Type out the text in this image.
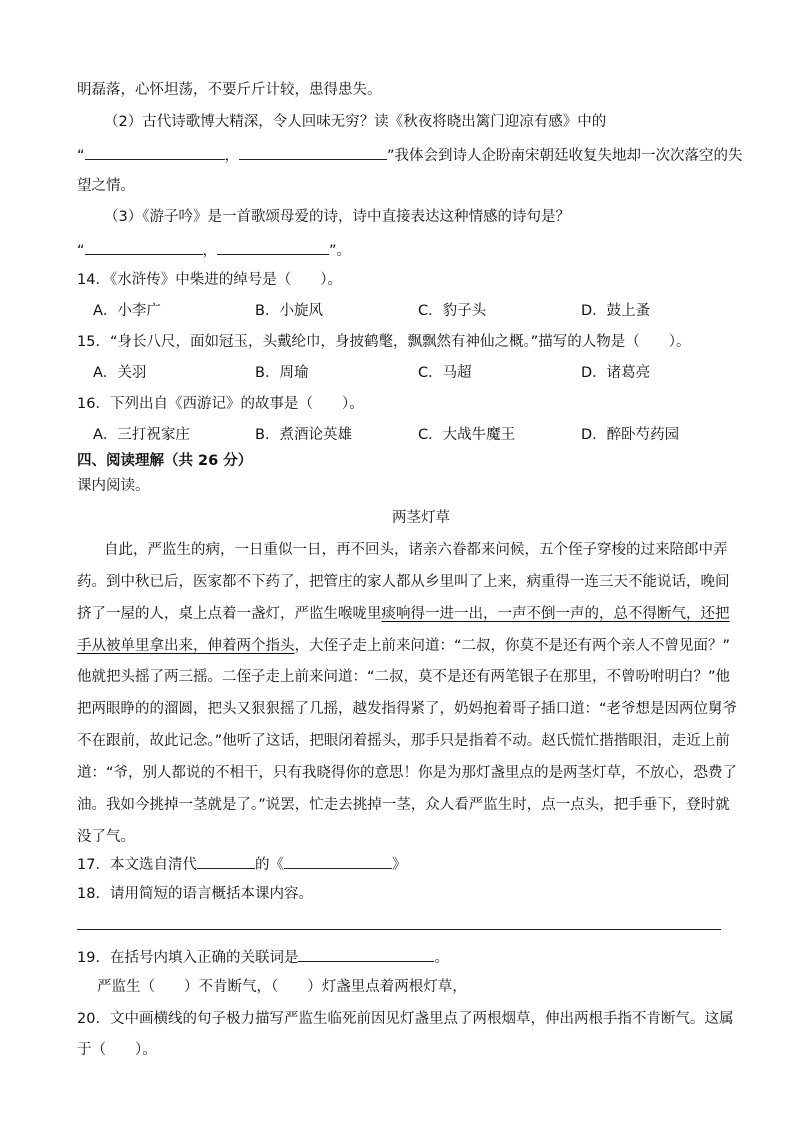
明磊落，心怀坦荡，不要斤斤计较，患得患失。
（2）古代诗歌博大精深，令人回味无穷？读《秋夜将晓出篱门迎凉有感》中的
“	，	”我体会到诗人企盼南宋朝廷收复失地却一次次落空的失
望之情。
（3）《游子吟》是一首歌颂母爱的诗，诗中直接表达这种情感的诗句是？
“	，	”。
14．《水浒传》中柴进的绰号是（　　）。
A．小李广	B．小旋风	C．豹子头	D．鼓上蚤
15．“身长八尺，面如冠玉，头戴纶巾，身披鹤氅，飘飘然有神仙之概。”描写的人物是（　　）。
A．关羽	B．周瑜	C．马超	D．诸葛亮
16．下列出自《西游记》的故事是（　　）。
A．三打祝家庄	B．煮酒论英雄	C．大战牛魔王	D．醉卧芍药园
四、阅读理解（共 26 分）
课内阅读。
两茎灯草
自此，严监生的病，一日重似一日，再不回头，诸亲六眷都来问候，五个侄子穿梭的过来陪郎中弄
药。到中秋已后，医家都不下药了，把管庄的家人都从乡里叫了上来，病重得一连三天不能说话，晚间
挤了一屋的人，桌上点着一盏灯，严监生喉咙里痰响得一进一出，一声不倒一声的，总不得断气，还把
手从被单里拿出来，伸着两个指头，大侄子走上前来问道：“二叔，你莫不是还有两个亲人不曾见面？”
他就把头摇了两三摇。二侄子走上前来问道：“二叔，莫不是还有两笔银子在那里，不曾吩咐明白？”他
把两眼睁的的溜圆，把头又狠狠摇了几摇，越发指得紧了，奶妈抱着哥子插口道：“老爷想是因两位舅爷
不在跟前，故此记念。”他听了这话，把眼闭着摇头，那手只是指着不动。赵氏慌忙揩揩眼泪，走近上前
道：“爷，别人都说的不相干，只有我晓得你的意思！你是为那灯盏里点的是两茎灯草，不放心，恐费了
油。我如今挑掉一茎就是了。”说罢，忙走去挑掉一茎，众人看严监生时，点一点头，把手垂下，登时就
没了气。
17．本文选自清代	的《	》
18．请用简短的语言概括本课内容。
19．在括号内填入正确的关联词是	。
严监生（　　）不肯断气，（　　）灯盏里点着两根灯草，
20．文中画横线的句子极力描写严监生临死前因见灯盏里点了两根烟草，伸出两根手指不肯断气。这属
于（　　）。
